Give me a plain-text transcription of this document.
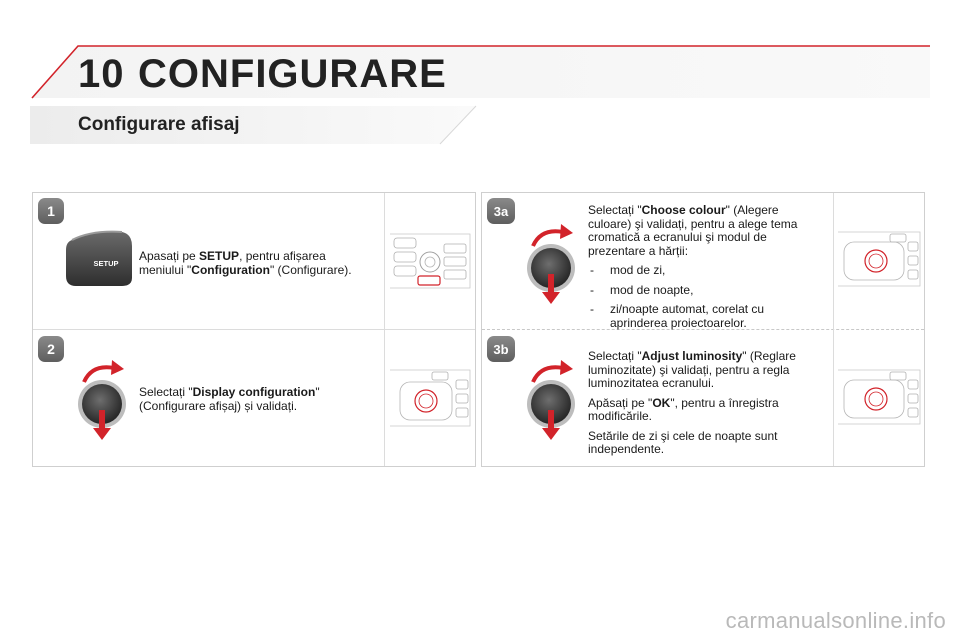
10 CONFIGURARE
Configurare afisaj
1
SETUP
Apasați pe SETUP, pentru afișarea meniului "Configuration" (Configurare).
2
Selectați "Display configuration" (Configurare afișaj) și validați.
3a	Selectați "Choose colour" (Alegere culoare) şi validați, pentru a alege tema cromatică a ecranului şi modul de prezentare a hărții:

- mod de zi,
- mod de noapte,
- zi/noapte automat, corelat cu aprinderea proiectoarelor.
3b	Selectați "Adjust luminosity" (Reglare luminozitate) şi validați, pentru a regla luminozitatea ecranului.

Apăsați pe "OK", pentru a înregistra modificările.

Setările de zi şi cele de noapte sunt independente.

carmanualsonline.info
